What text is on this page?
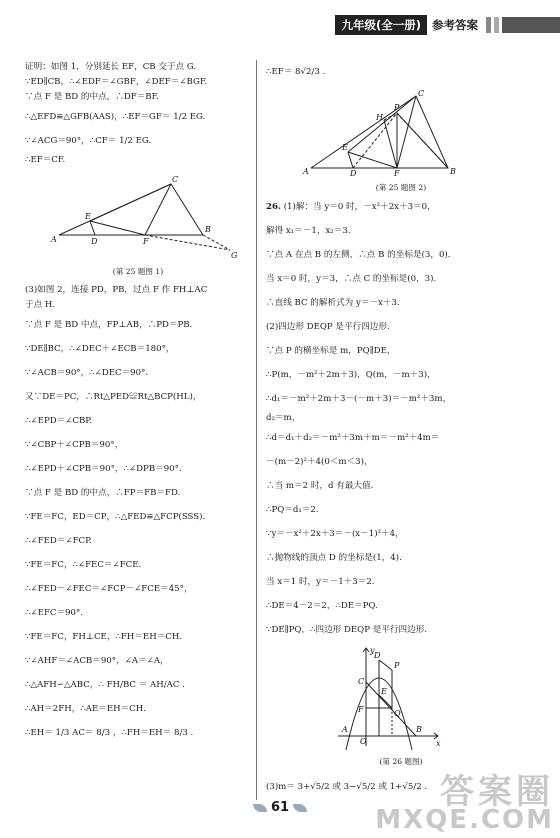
九年级(全一册) 参考答案
证明：如图 1，分别延长 EF，CB 交于点 G.
∵ED∥CB，∴∠EDF＝∠GBF，∠DEF＝∠BGF.
∵点 F 是 BD 的中点，∴DF＝BF.
∴△EFD≌△GFB(AAS)，∴EF＝GF＝ 1/2 EG.
∵∠ACG＝90°，∴CF＝ 1/2 EG.
∴EF＝CF.
C
E
A	D	F
B
G
(第 25 题图 1)
(3)如图 2，连接 PD，PB，过点 F 作 FH⊥AC
于点 H.
∵点 F 是 BD 中点，FP⊥AB，∴PD＝PB.
∵DE∥BC，∴∠DEC＋∠ECB＝180°，
∵∠ACB＝90°，∴∠DEC＝90°.
又∵DE＝PC，∴Rt△PED≌Rt△BCP(HL)，
∴∠EPD＝∠CBP.
∵∠CBP＋∠CPB＝90°，
∴∠EPD＋∠CPB＝90°，∴∠DPB＝90°.
∵点 F 是 BD 的中点，∴FP＝FB＝FD.
∵FE＝FC，ED＝CP，∴△FED≌△FCP(SSS).
∴∠FED＝∠FCP.
∵FE＝FC，∴∠FEC＝∠FCE.
∴∠FED－∠FEC＝∠FCP－∠FCE＝45°，
∴∠EFC＝90°.
∵FE＝FC，FH⊥CE，∴FH＝EH＝CH.
∵∠AHF＝∠ACB＝90°，∠A＝∠A，
∴△AFH∽△ABC，∴ FH/BC ＝ AH/AC .
∴AH＝2FH，∴AE＝EH＝CH.
∴EH＝ 1/3 AC＝ 8/3 ，∴FH＝EH＝ 8/3 .
∴EF＝ 8√2/3 .
C
P
H
E
A	D	F	B
(第 25 题图 2)
26. (1)解：当 y＝0 时，－x²＋2x＋3＝0，
解得 x₁＝－1，x₂＝3.
∵点 A 在点 B 的左侧，∴点 B 的坐标是(3，0).
当 x＝0 时，y＝3，∴点 C 的坐标是(0，3).
∴直线 BC 的解析式为 y＝－x＋3.
(2)四边形 DEQP 是平行四边形.
∵点 P 的横坐标是 m，PQ∥DE，
∴P(m，－m²＋2m＋3)，Q(m，－m＋3)，
∴d₁＝－m²＋2m＋3－(－m＋3)＝－m²＋3m，
d₂＝m，
∴d＝d₁＋d₂＝－m²＋3m＋m＝－m²＋4m＝
－(m－2)²＋4(0＜m＜3)，
∴当 m＝2 时，d 有最大值.
∴PQ＝d₁＝2.
∵y＝－x²＋2x＋3＝－(x－1)²＋4，
∴抛物线的顶点 D 的坐标是(1，4).
当 x＝1 时，y＝－1＋3＝2.
∴DE＝4－2＝2，∴DE＝PQ.
∵DE∥PQ，∴四边形 DEQP 是平行四边形.
y
C
P
D
E
F	Q
A
O
B
x
(第 26 题图)
(3)m＝ 3+√5/2 或 3−√5/2 或 1+√5/2 .
61	答案圈
MXQE.COM
